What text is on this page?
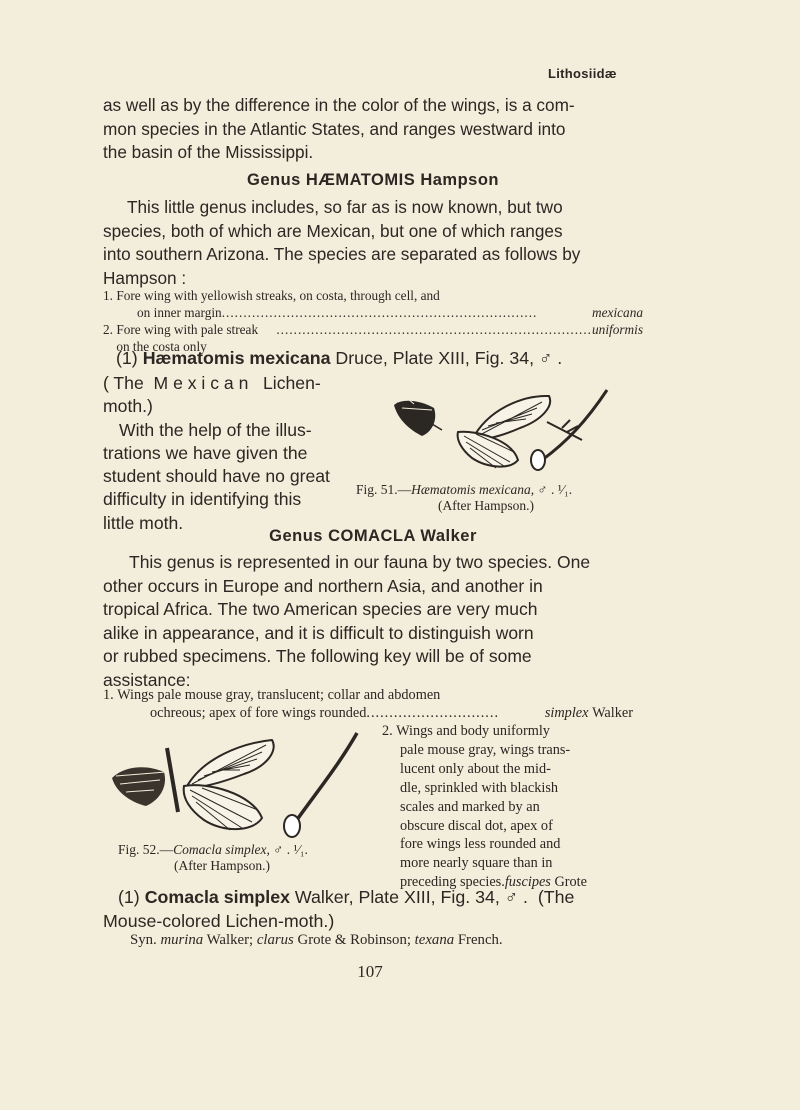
Lithosiidæ
as well as by the difference in the color of the wings, is a com-
mon species in the Atlantic States, and ranges westward into
the basin of the Mississippi.
Genus HÆMATOMIS Hampson
This little genus includes, so far as is now known, but two
species, both of which are Mexican, but one of which ranges
into southern Arizona. The species are separated as follows by
Hampson :
1. Fore wing with yellowish streaks, on costa, through cell, and
on inner margin .........................................................................	mexicana
2.
Fore wing with pale streak on the costa only
......................................................................... uniformis
(1) Hæmatomis mexicana Druce, Plate XIII, Fig. 34, ♂ .
( The  M e x i c a n   Lichen-
moth.)
With the help of the illus-
trations we have given the
student should have no great
difficulty in identifying this
little moth.
Fig. 51.—Hæmatomis mexicana, ♂ . ¹⁄₁.
(After Hampson.)
Genus COMACLA Walker
This genus is represented in our fauna by two species. One
other occurs in Europe and northern Asia, and another in
tropical Africa. The two American species are very much
alike in appearance, and it is difficult to distinguish worn
or rubbed specimens. The following key will be of some
assistance:
1. Wings pale mouse gray, translucent; collar and abdomen
ochreous; apex of fore wings rounded .............................	simplex
Walker
2. Wings and body uniformly
pale mouse gray, wings trans-
lucent only about the mid-
dle, sprinkled with blackish
scales and marked by an
obscure discal dot, apex of
fore wings less rounded and
more nearly square than in
preceding species.fuscipes Grote
Fig. 52.—Comacla simplex, ♂ . ¹⁄₁.
(After Hampson.)
(1) Comacla simplex Walker, Plate XIII, Fig. 34, ♂ .  (The
Mouse-colored Lichen-moth.)
Syn. murina Walker; clarus Grote & Robinson; texana French.
107
